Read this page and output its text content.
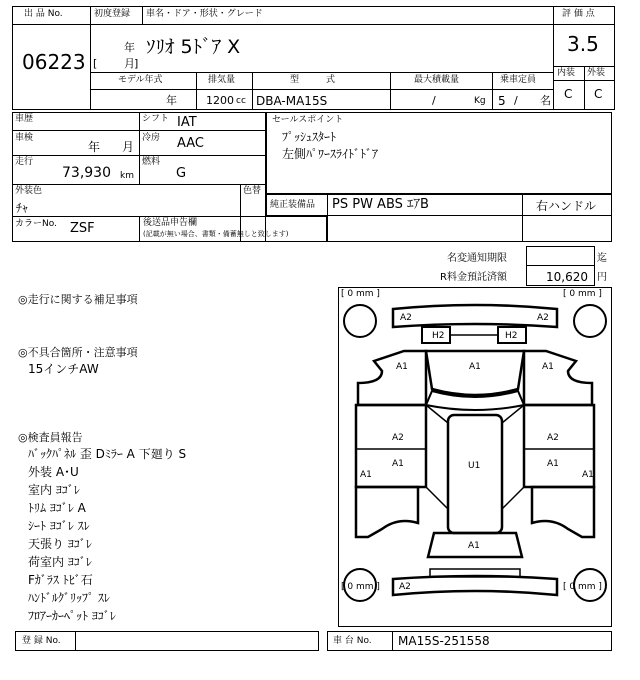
出 品 No.
06223
初度登録
年
[ 月 ]
車名・ドア・形状・グレード
ｿﾘｵ 5ﾄﾞｱ X
評 価 点
3.5
内装 外装
C C
モデル年式
年
排気量
1200 cc
型　　　式
DBA-MA15S
最大積載量
/	Kg
乗車定員
5 / 名
車歴	シフト IAT
車検
年 月
冷房 AAC
走行
73,930 km
燃料
G
外装色
ﾁｬ
色替
セールスポイント
ﾌﾟｯｼｭｽﾀｰﾄ
左側ﾊﾟﾜｰｽﾗｲﾄﾞﾄﾞｱ
純正装備品 PS PW ABS ｴｱB	右ハンドル
カラーNo. ZSF	後送品申告欄
(記載が無い場合、書類・備蓄無しと致します)
名変通知期限	迄
R料金預託済額	10,620 円
◎走行に関する補足事項
◎不具合箇所・注意事項
15インチAW
◎検査員報告
ﾊﾞｯｸﾊﾟﾈﾙ 歪 Dﾐﾗｰ A 下廻り S
外装 A･U
室内 ﾖｺﾞﾚ
ﾄﾘﾑ ﾖｺﾞﾚ A
ｼｰﾄ ﾖｺﾞﾚ ｽﾚ
天張り ﾖｺﾞﾚ
荷室内 ﾖｺﾞﾚ
Fｶﾞﾗｽ ﾄﾋﾞ石
ﾊﾝﾄﾞﾙｸﾞﾘｯﾌﾟ ｽﾚ
ﾌﾛｱｰｶｰﾍﾟｯﾄ ﾖｺﾞﾚ
[ 0 mm ]	[ 0 mm ]
[ 0 mm ]	[ 0 mm ]
A2	A2
H2	H2
A1	A1	A1
A2	A2
A1	U1	A1
A1	A1
A1
A2
登 録 No.	車 台 No. MA15S-251558
